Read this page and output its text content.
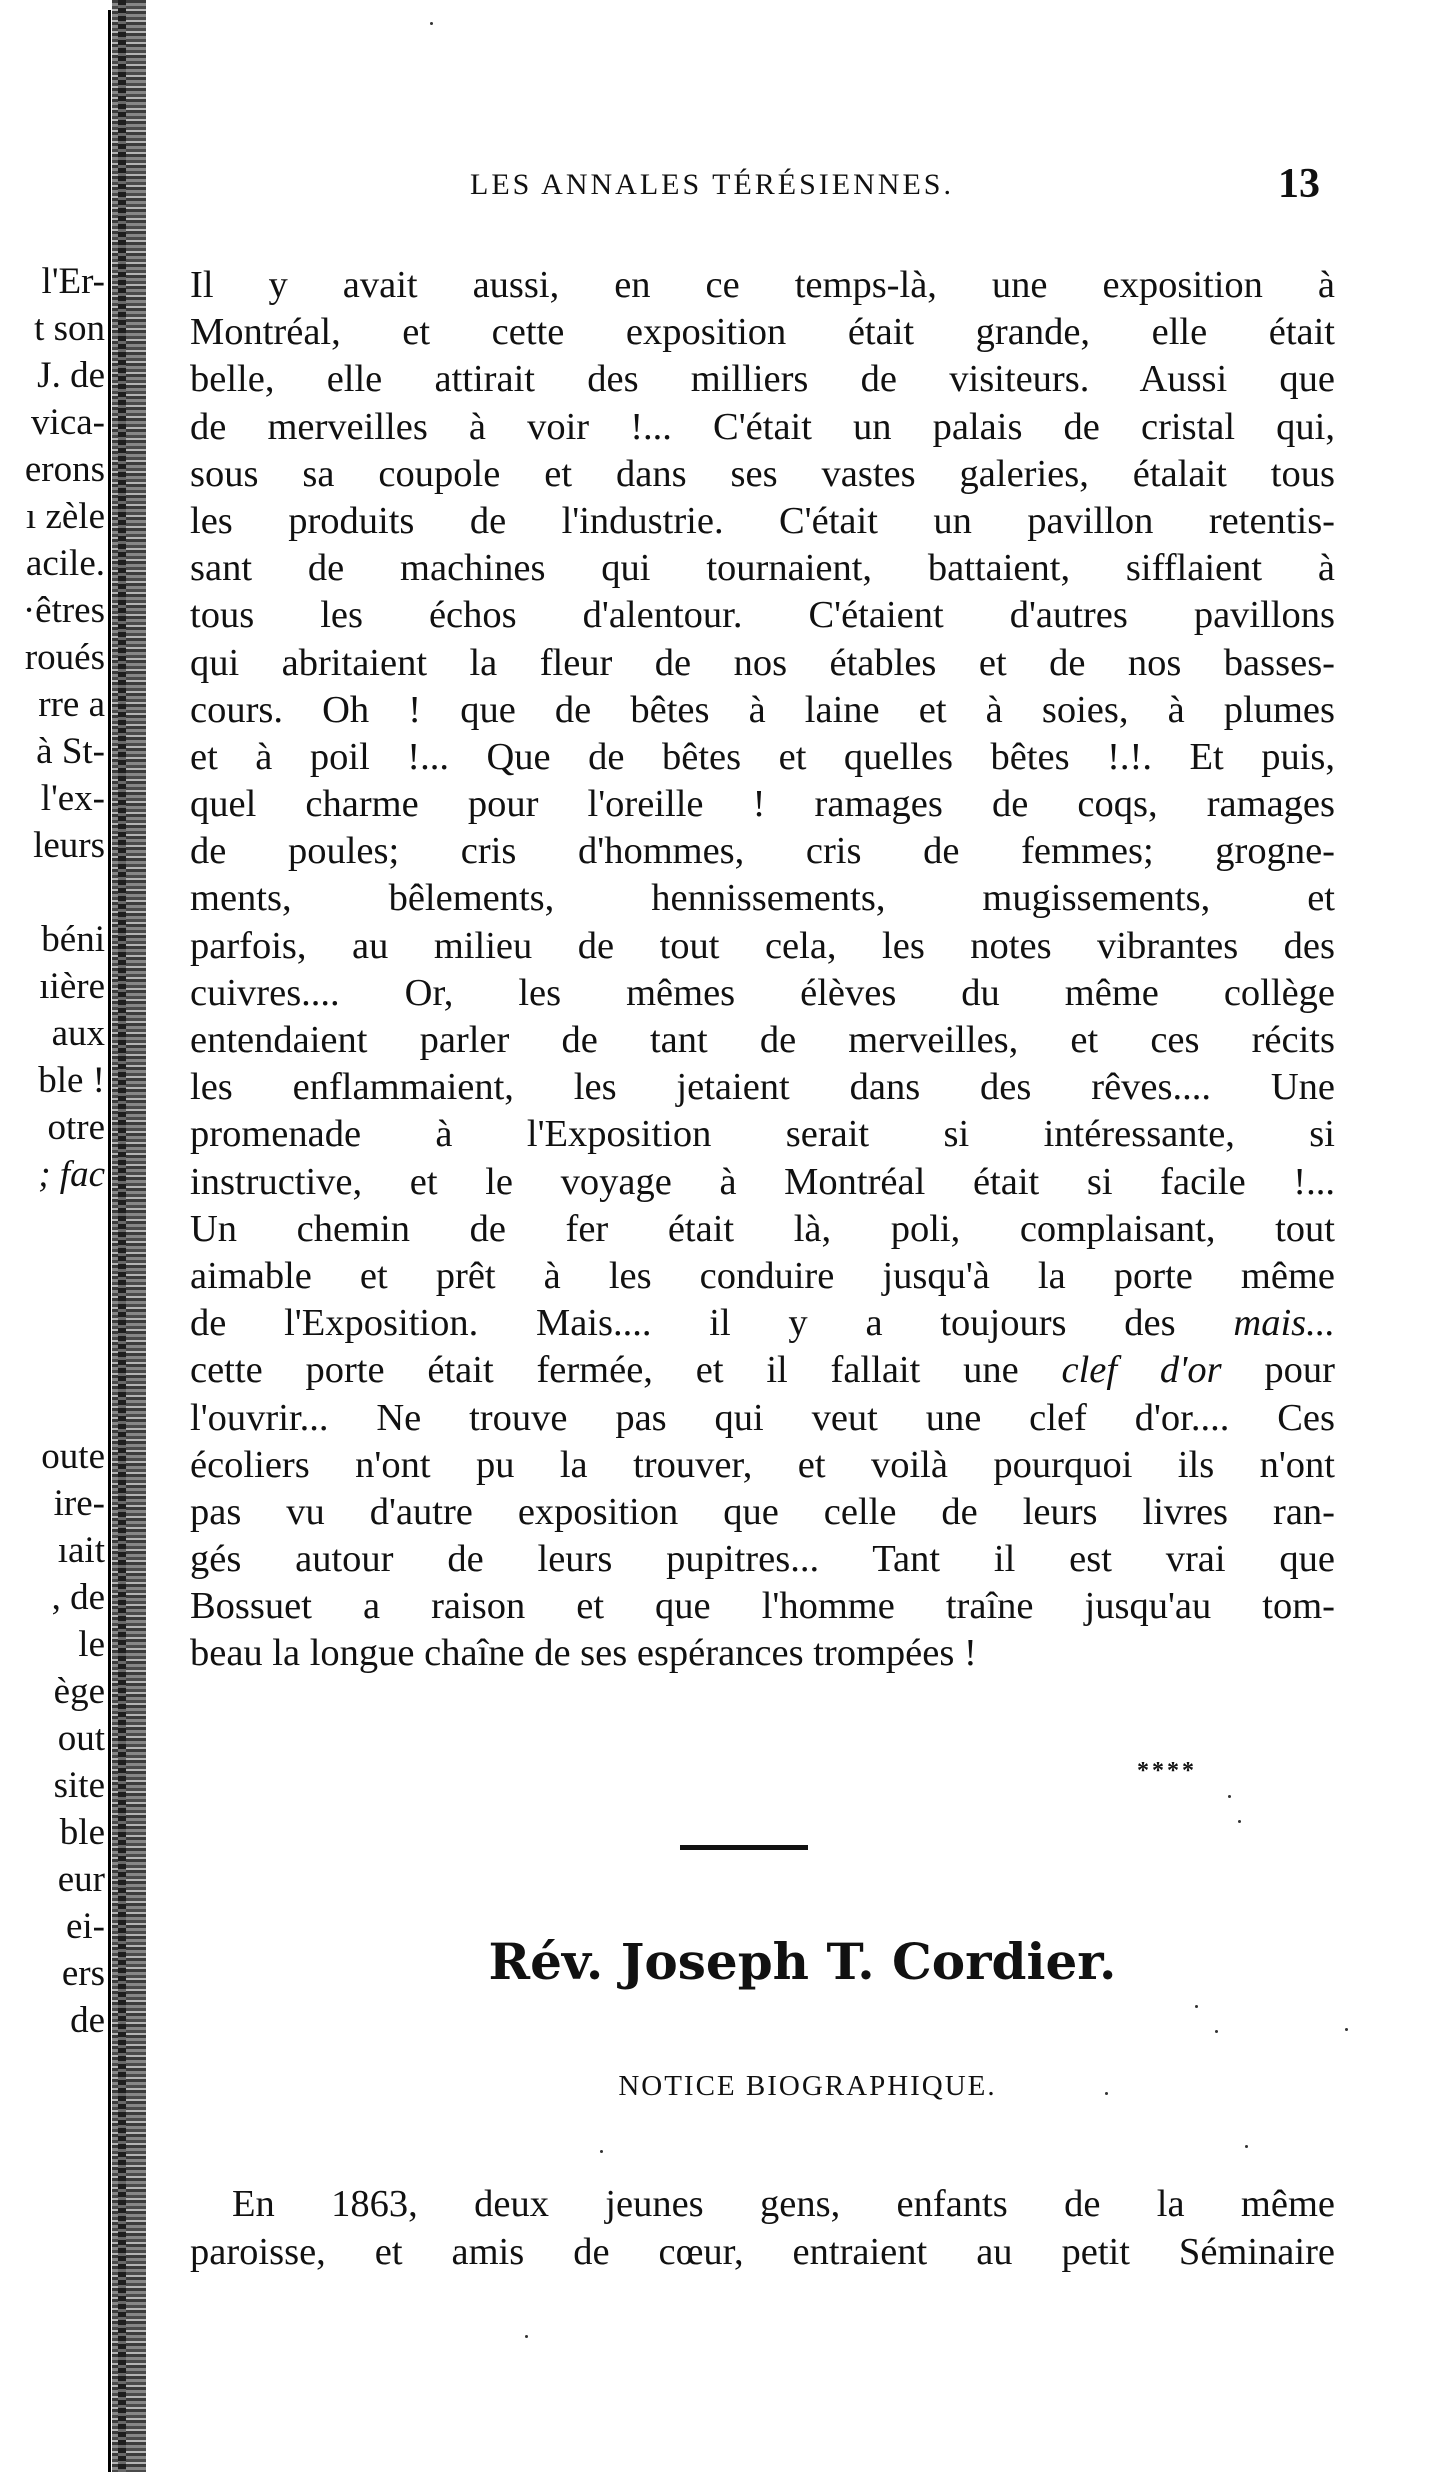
l'Er-
t son
J. de
vica-
erons
ı zèle
acile.
·êtres
roués
rre a
à St-
l'ex-
leurs
béni
ıière
aux
ble !
otre
; fac
oute
ire-
ıait
, de
le
ège
out
site
ble
eur
ei-
ers
de
LES ANNALES TÉRÉSIENNES.	13
Il y avait aussi, en ce temps-là, une exposition à
Montréal, et cette exposition était grande, elle était
belle, elle attirait des milliers de visiteurs. Aussi que
de merveilles à voir !... C'était un palais de cristal qui,
sous sa coupole et dans ses vastes galeries, étalait tous
les produits de l'industrie. C'était un pavillon retentis-
sant de machines qui tournaient, battaient, sifflaient à
tous les échos d'alentour. C'étaient d'autres pavillons
qui abritaient la fleur de nos étables et de nos basses-
cours. Oh ! que de bêtes à laine et à soies, à plumes
et à poil !... Que de bêtes et quelles bêtes !.!. Et puis,
quel charme pour l'oreille ! ramages de coqs, ramages
de poules; cris d'hommes, cris de femmes; grogne-
ments, bêlements, hennissements, mugissements, et
parfois, au milieu de tout cela, les notes vibrantes des
cuivres.... Or, les mêmes élèves du même collège
entendaient parler de tant de merveilles, et ces récits
les enflammaient, les jetaient dans des rêves.... Une
promenade à l'Exposition serait si intéressante, si
instructive, et le voyage à Montréal était si facile !...
Un chemin de fer était là, poli, complaisant, tout
aimable et prêt à les conduire jusqu'à la porte même
de l'Exposition. Mais.... il y a toujours des mais...
cette porte était fermée, et il fallait une clef d'or pour
l'ouvrir... Ne trouve pas qui veut une clef d'or.... Ces
écoliers n'ont pu la trouver, et voilà pourquoi ils n'ont
pas vu d'autre exposition que celle de leurs livres ran-
gés autour de leurs pupitres... Tant il est vrai que
Bossuet a raison et que l'homme traîne jusqu'au tom-
beau la longue chaîne de ses espérances trompées !
****
Rév. Joseph T. Cordier.
NOTICE BIOGRAPHIQUE.
En 1863, deux jeunes gens, enfants de la même
paroisse, et amis de cœur, entraient au petit Séminaire
